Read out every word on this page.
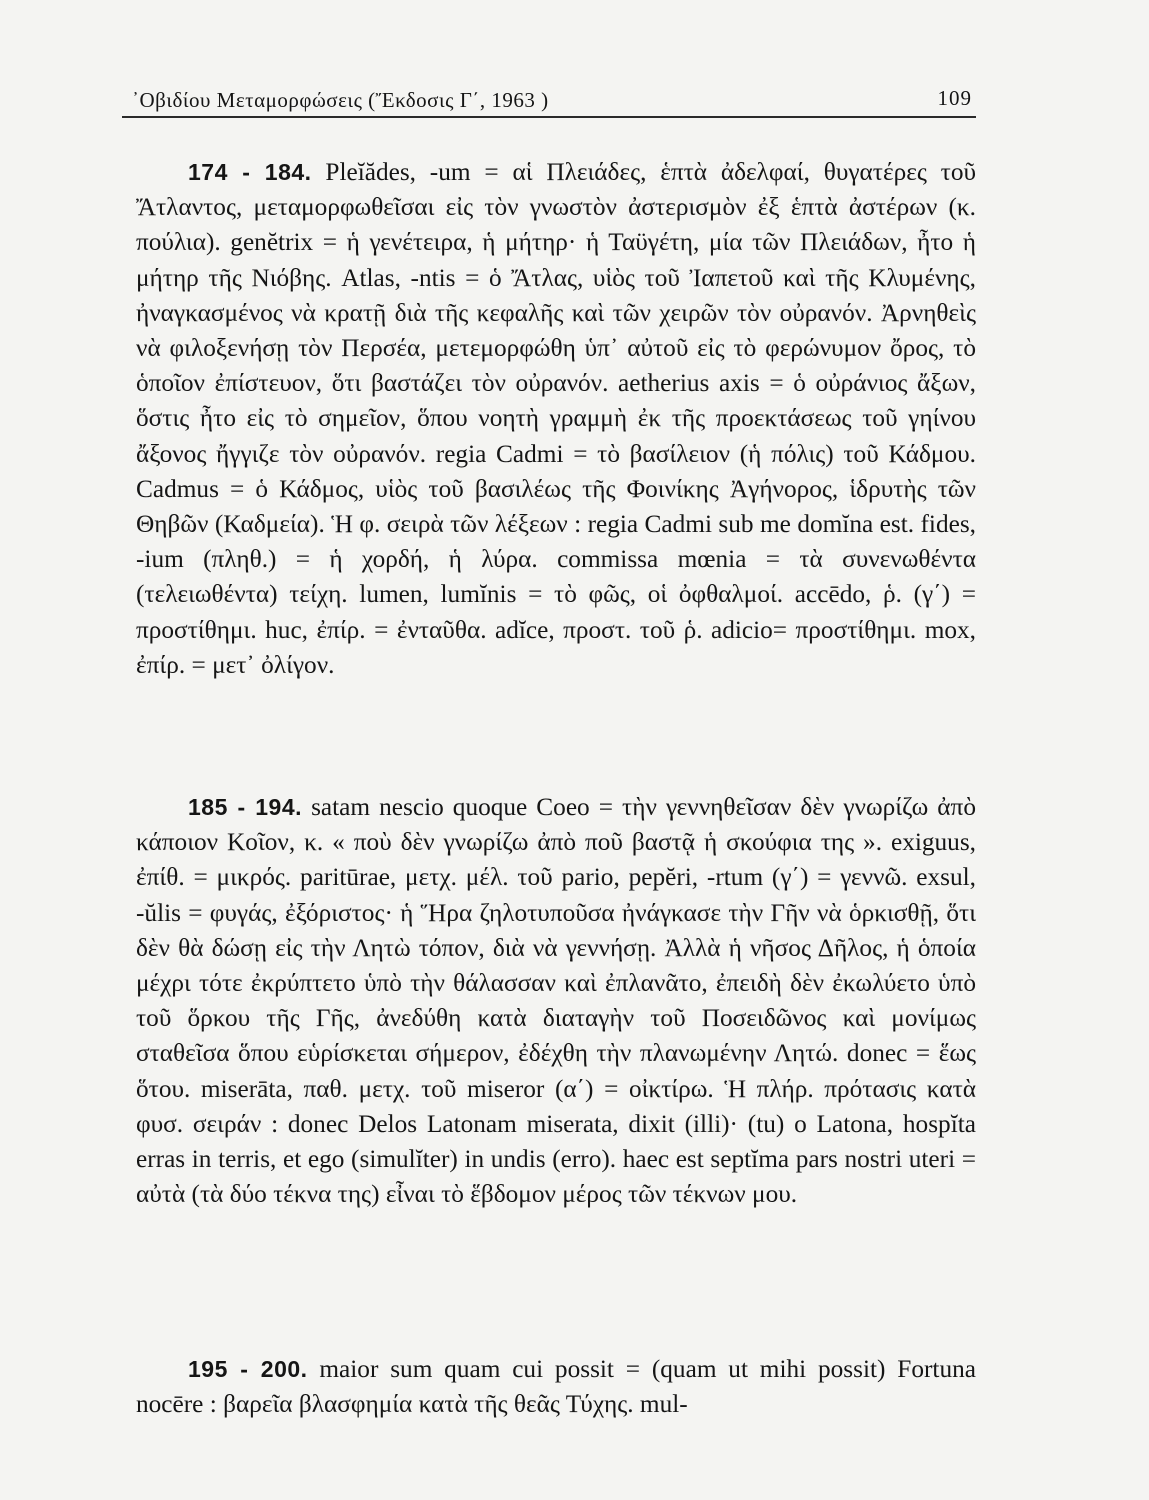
᾽Οβιδίου Μεταμορφώσεις (Ἔκδοσις Γ΄, 1963 )	109

174 - 184. Pleĭădes, -um = αἱ Πλειάδες, ἑπτὰ ἀδελφαί, θυγατέρες τοῦ Ἄτλαντος, μεταμορφωθεῖσαι εἰς τὸν γνωστὸν ἀστερισμὸν ἐξ ἑπτὰ ἀστέρων (κ. πούλια). genĕtrix = ἡ γενέτειρα, ἡ μήτηρ· ἡ Ταϋγέτη, μία τῶν Πλειάδων, ἦτο ἡ μήτηρ τῆς Νιόβης. Atlas, -ntis = ὁ Ἄτλας, υἱὸς τοῦ Ἰαπετοῦ καὶ τῆς Κλυμένης, ἠναγκασμένος νὰ κρατῇ διὰ τῆς κεφαλῆς καὶ τῶν χειρῶν τὸν οὐρανόν. Ἀρνηθεὶς νὰ φιλοξενήσῃ τὸν Περσέα, μετεμορφώθη ὑπ᾽ αὐτοῦ εἰς τὸ φερώνυμον ὄρος, τὸ ὁποῖον ἐπίστευον, ὅτι βαστάζει τὸν οὐρανόν. aetherius axis = ὁ οὐράνιος ἄξων, ὅστις ἦτο εἰς τὸ σημεῖον, ὅπου νοητὴ γραμμὴ ἐκ τῆς προεκτάσεως τοῦ γηίνου ἄξονος ἤγγιζε τὸν οὐρανόν. regia Cadmi = τὸ βασίλειον (ἡ πόλις) τοῦ Κάδμου. Cadmus = ὁ Κάδμος, υἱὸς τοῦ βασιλέως τῆς Φοινίκης Ἀγήνορος, ἱδρυτὴς τῶν Θηβῶν (Καδμεία). Ἡ φ. σειρὰ τῶν λέξεων : regia Cadmi sub me domĭna est. fides, -ium (πληθ.) = ἡ χορδή, ἡ λύρα. commissa mœnia = τὰ συνενωθέντα (τελειωθέντα) τείχη. lumen, lumĭnis = τὸ φῶς, οἱ ὀφθαλμοί. accēdo, ῥ. (γ΄) = προστίθημι. huc, ἐπίρ. = ἐνταῦθα. adĭce, προστ. τοῦ ῥ. adicio= προστίθημι. mox, ἐπίρ. = μετ᾽ ὀλίγον.

185 - 194. satam nescio quoque Coeo = τὴν γεννηθεῖσαν δὲν γνωρίζω ἀπὸ κάποιον Κοῖον, κ. « ποὺ δὲν γνωρίζω ἀπὸ ποῦ βαστᾷ ἡ σκούφια της ». exiguus, ἐπίθ. = μικρός. paritūrae, μετχ. μέλ. τοῦ pario, pepĕri, -rtum (γ΄) = γεννῶ. exsul, -ŭlis = φυγάς, ἐξόριστος· ἡ Ἥρα ζηλοτυποῦσα ἠνάγκασε τὴν Γῆν νὰ ὁρκισθῇ, ὅτι δὲν θὰ δώσῃ εἰς τὴν Λητὼ τόπον, διὰ νὰ γεννήσῃ. Ἀλλὰ ἡ νῆσος Δῆλος, ἡ ὁποία μέχρι τότε ἐκρύπτετο ὑπὸ τὴν θάλασσαν καὶ ἐπλανᾶτο, ἐπειδὴ δὲν ἐκωλύετο ὑπὸ τοῦ ὅρκου τῆς Γῆς, ἀνεδύθη κατὰ διαταγὴν τοῦ Ποσειδῶνος καὶ μονίμως σταθεῖσα ὅπου εὑρίσκεται σήμερον, ἐδέχθη τὴν πλανωμένην Λητώ. donec = ἕως ὅτου. miserāta, παθ. μετχ. τοῦ miseror (α΄) = οἰκτίρω. Ἡ πλήρ. πρότασις κατὰ φυσ. σειράν : donec Delos Latonam miserata, dixit (illi)· (tu) o Latona, hospĭta erras in terris, et ego (simulĭter) in undis (erro). haec est septĭma pars nostri uteri = αὐτὰ (τὰ δύο τέκνα της) εἶναι τὸ ἕβδομον μέρος τῶν τέκνων μου.

195 - 200. maior sum quam cui possit = (quam ut mihi possit) Fortuna nocēre : βαρεῖα βλασφημία κατὰ τῆς θεᾶς Τύχης. mul-
